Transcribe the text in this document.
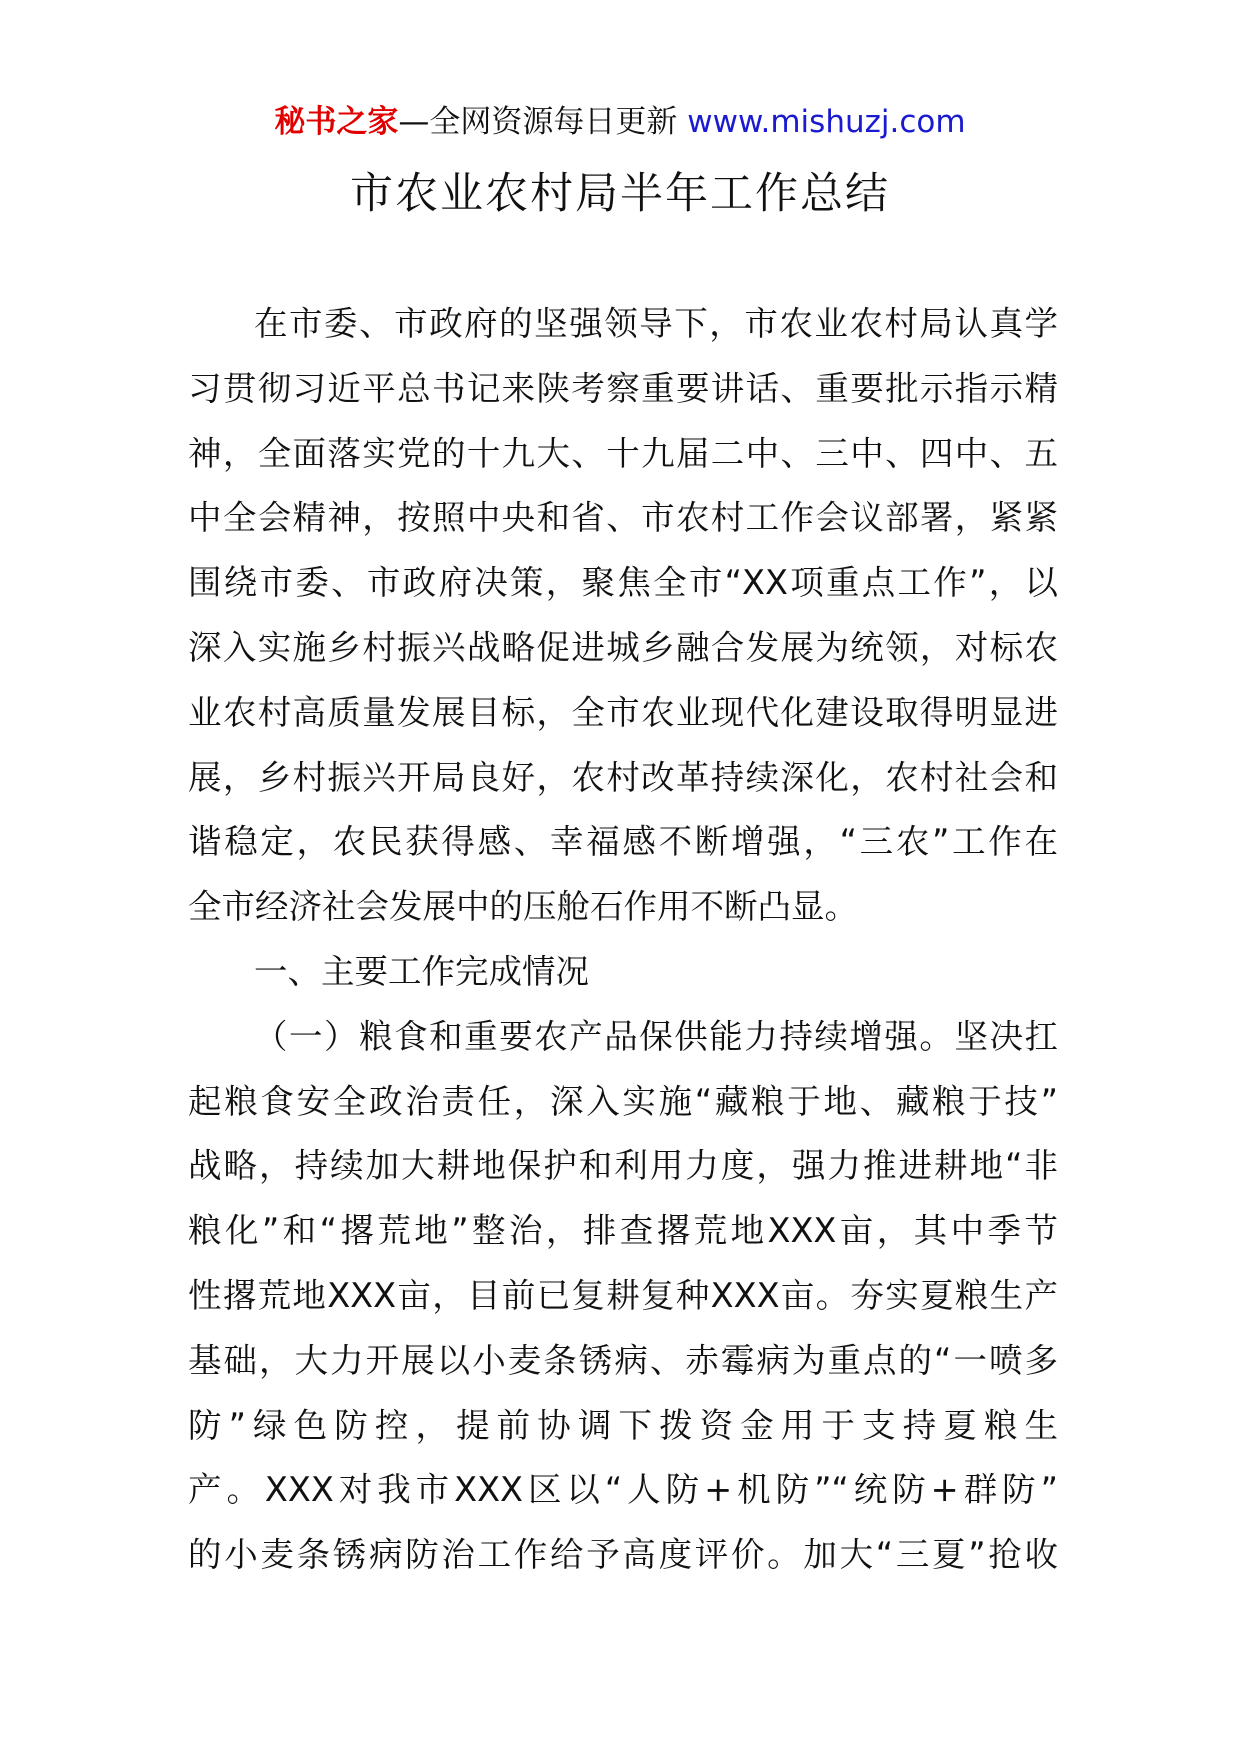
秘书之家—全网资源每日更新 www.mishuzj.com
市农业农村局半年工作总结
在市委、市政府的坚强领导下，市农业农村局认真学
习贯彻习近平总书记来陕考察重要讲话、重要批示指示精
神，全面落实党的十九大、十九届二中、三中、四中、五
中全会精神，按照中央和省、市农村工作会议部署，紧紧
围绕市委、市政府决策，聚焦全市“XX项重点工作”，以
深入实施乡村振兴战略促进城乡融合发展为统领，对标农
业农村高质量发展目标，全市农业现代化建设取得明显进
展，乡村振兴开局良好，农村改革持续深化，农村社会和
谐稳定，农民获得感、幸福感不断增强，“三农”工作在
全市经济社会发展中的压舱石作用不断凸显。
一、主要工作完成情况
（一）粮食和重要农产品保供能力持续增强。坚决扛
起粮食安全政治责任，深入实施“藏粮于地、藏粮于技”
战略，持续加大耕地保护和利用力度，强力推进耕地“非
粮化”和“撂荒地”整治，排查撂荒地XXX亩，其中季节
性撂荒地XXX亩，目前已复耕复种XXX亩。夯实夏粮生产
基础，大力开展以小麦条锈病、赤霉病为重点的“一喷多
防”绿色防控，提前协调下拨资金用于支持夏粮生
产。XXX对我市XXX区以“人防+机防”“统防+群防”
的小麦条锈病防治工作给予高度评价。加大“三夏”抢收
